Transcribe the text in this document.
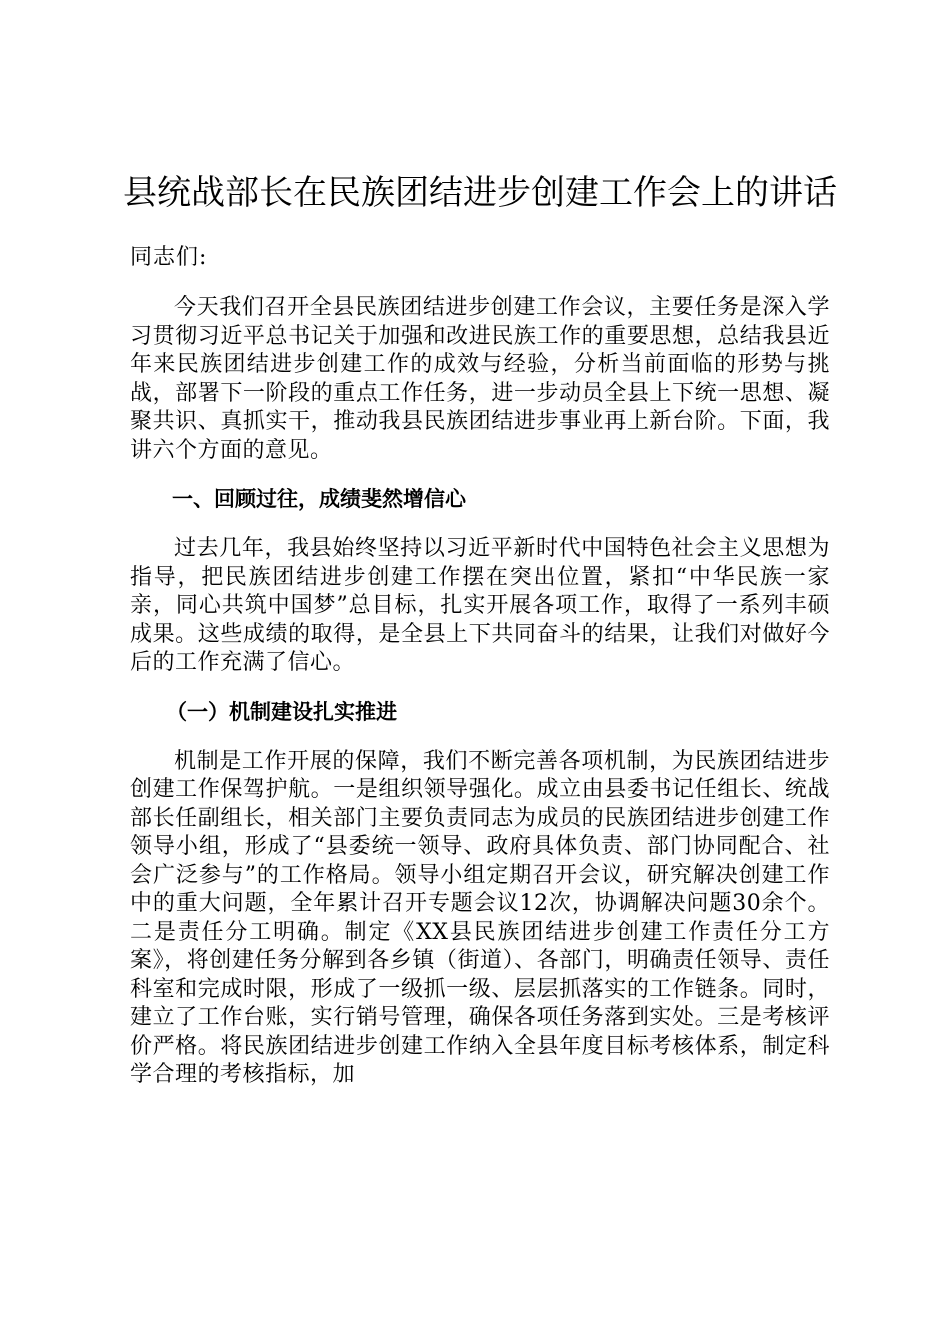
县统战部长在民族团结进步创建工作会上的讲话
同志们:

今天我们召开全县民族团结进步创建工作会议，主要任务是深入学习贯彻习近平总书记关于加强和改进民族工作的重要思想，总结我县近年来民族团结进步创建工作的成效与经验，分析当前面临的形势与挑战，部署下一阶段的重点工作任务，进一步动员全县上下统一思想、凝聚共识、真抓实干，推动我县民族团结进步事业再上新台阶。下面，我讲六个方面的意见。

一、回顾过往，成绩斐然增信心

过去几年，我县始终坚持以习近平新时代中国特色社会主义思想为指导，把民族团结进步创建工作摆在突出位置，紧扣“中华民族一家亲，同心共筑中国梦”总目标，扎实开展各项工作，取得了一系列丰硕成果。这些成绩的取得，是全县上下共同奋斗的结果，让我们对做好今后的工作充满了信心。

（一）机制建设扎实推进

机制是工作开展的保障，我们不断完善各项机制，为民族团结进步创建工作保驾护航。一是组织领导强化。成立由县委书记任组长、统战部长任副组长，相关部门主要负责同志为成员的民族团结进步创建工作领导小组，形成了“县委统一领导、政府具体负责、部门协同配合、社会广泛参与”的工作格局。领导小组定期召开会议，研究解决创建工作中的重大问题，全年累计召开专题会议12次，协调解决问题30余个。二是责任分工明确。制定《XX县民族团结进步创建工作责任分工方案》，将创建任务分解到各乡镇（街道）、各部门，明确责任领导、责任科室和完成时限，形成了一级抓一级、层层抓落实的工作链条。同时，建立了工作台账，实行销号管理，确保各项任务落到实处。三是考核评价严格。将民族团结进步创建工作纳入全县年度目标考核体系，制定科学合理的考核指标，加
